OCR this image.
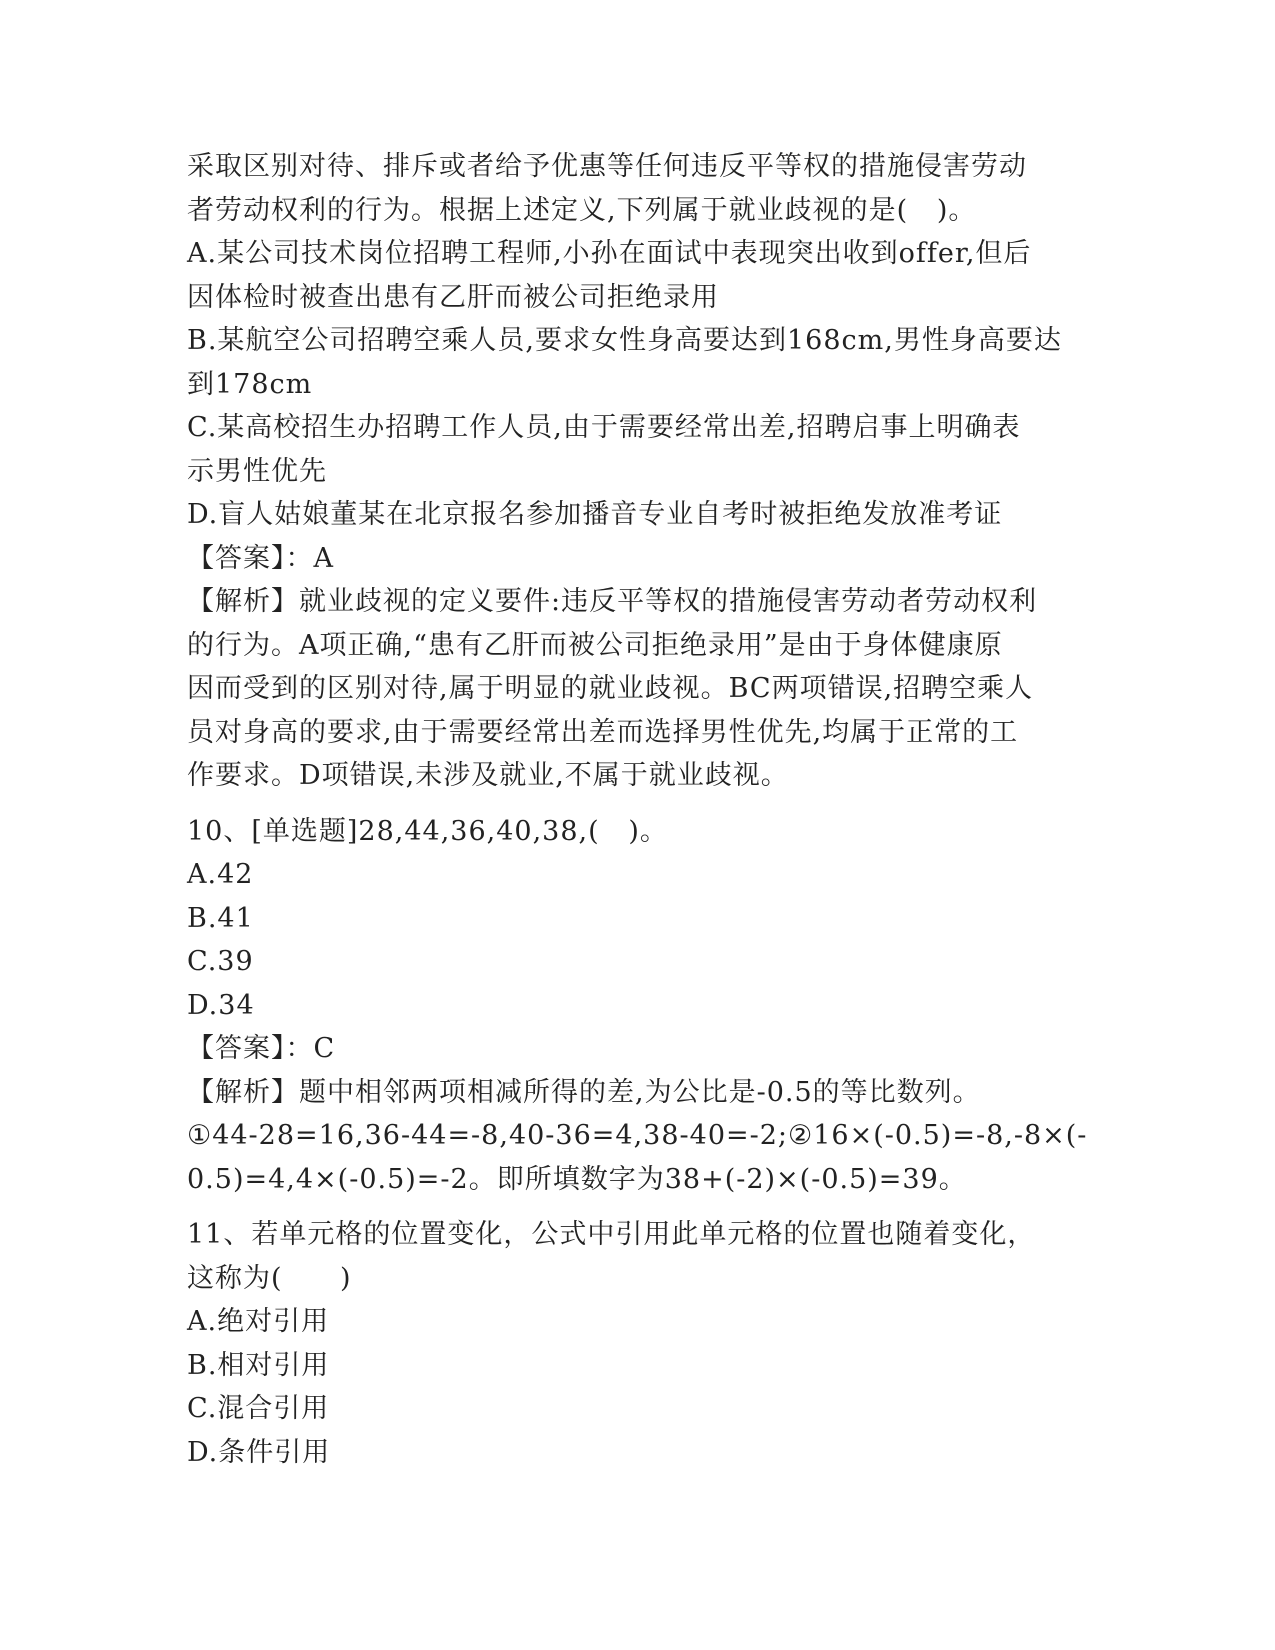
采取区别对待、排斥或者给予优惠等任何违反平等权的措施侵害劳动
者劳动权利的行为。根据上述定义,下列属于就业歧视的是(   )。
A.某公司技术岗位招聘工程师,小孙在面试中表现突出收到offer,但后
因体检时被查出患有乙肝而被公司拒绝录用
B.某航空公司招聘空乘人员,要求女性身高要达到168cm,男性身高要达
到178cm
C.某高校招生办招聘工作人员,由于需要经常出差,招聘启事上明确表
示男性优先
D.盲人姑娘董某在北京报名参加播音专业自考时被拒绝发放准考证
【答案】：A
【解析】就业歧视的定义要件:违反平等权的措施侵害劳动者劳动权利
的行为。A项正确,“患有乙肝而被公司拒绝录用”是由于身体健康原
因而受到的区别对待,属于明显的就业歧视。BC两项错误,招聘空乘人
员对身高的要求,由于需要经常出差而选择男性优先,均属于正常的工
作要求。D项错误,未涉及就业,不属于就业歧视。
10、[单选题]28,44,36,40,38,(   )。
A.42
B.41
C.39
D.34
【答案】：C
【解析】题中相邻两项相减所得的差,为公比是-0.5的等比数列。
①44-28=16,36-44=-8,40-36=4,38-40=-2;②16×(-0.5)=-8,-8×(-
0.5)=4,4×(-0.5)=-2。即所填数字为38+(-2)×(-0.5)=39。
11、若单元格的位置变化，公式中引用此单元格的位置也随着变化，
这称为(      )
A.绝对引用
B.相对引用
C.混合引用
D.条件引用
